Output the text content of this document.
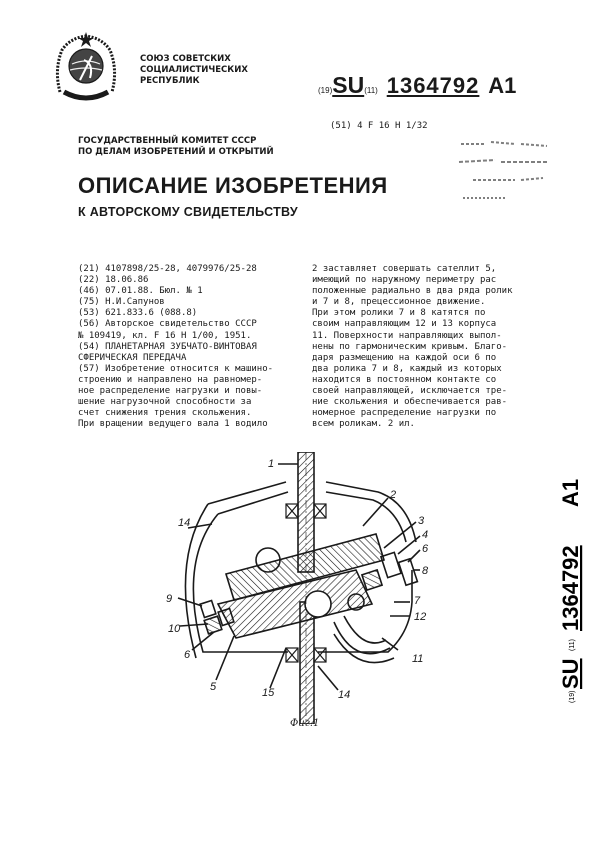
СОЮЗ СОВЕТСКИХ
СОЦИАЛИСТИЧЕСКИХ
РЕСПУБЛИК
(19)SU(11) 1364792 A1
(51) 4 F 16 H 1/32
ГОСУДАРСТВЕННЫЙ КОМИТЕТ СССР
ПО ДЕЛАМ ИЗОБРЕТЕНИЙ И ОТКРЫТИЙ
ОПИСАНИЕ ИЗОБРЕТЕНИЯ
К АВТОРСКОМУ СВИДЕТЕЛЬСТВУ
(21) 4107898/25-28, 4079976/25-28
(22) 18.06.86
(46) 07.01.88. Бюл. № 1
(75) Н.И.Сапунов
(53) 621.833.6 (088.8)
(56) Авторское свидетельство СССР
№ 109419, кл. F 16 H 1/00, 1951.
(54) ПЛАНЕТАРНАЯ ЗУБЧАТО-ВИНТОВАЯ
СФЕРИЧЕСКАЯ ПЕРЕДАЧА
(57) Изобретение относится к машино-
строению и направлено на равномер-
ное распределение нагрузки и повы-
шение нагрузочной способности за
счет снижения трения скольжения.
При вращении ведущего вала 1 водило
2 заставляет совершать сателлит 5,
имеющий по наружному периметру рас
положенные радиально в два ряда ролик
и 7 и 8, прецессионное движение.
При этом ролики 7 и 8 катятся по
своим направляющим 12 и 13 корпуса
11. Поверхности направляющих выпол-
нены по гармоническим кривым. Благо-
даря размещению на каждой оси 6 по
два ролика 7 и 8, каждый из которых
находится в постоянном контакте со
своей направляющей, исключается тре-
ние скольжения и обеспечивается рав-
номерное распределение нагрузки по
всем роликам. 2 ил.
(19)
SU
(11)
1364792
A1
1
2
3
4
6
8
9
14
10
6
5	15	14
11
12
7
Фиг.1
